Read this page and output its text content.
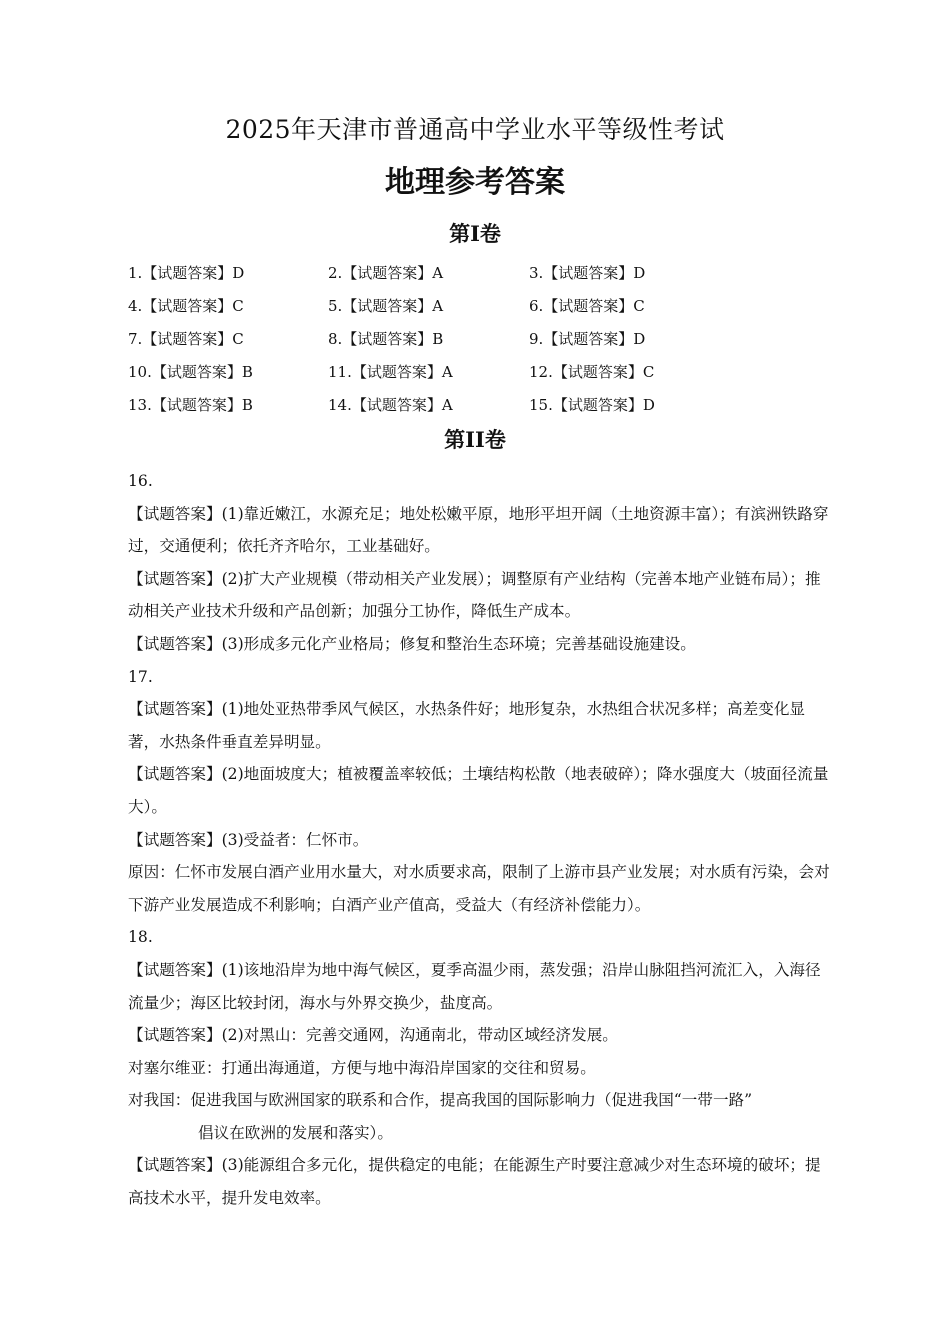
2025年天津市普通高中学业水平等级性考试
地理参考答案
第I卷
1.【试题答案】D	2.【试题答案】A	3.【试题答案】D
4.【试题答案】C	5.【试题答案】A	6.【试题答案】C
7.【试题答案】C	8.【试题答案】B	9.【试题答案】D
10.【试题答案】B	11.【试题答案】A	12.【试题答案】C
13.【试题答案】B	14.【试题答案】A	15.【试题答案】D
第II卷

16.

【试题答案】(1)靠近嫩江，水源充足；地处松嫩平原，地形平坦开阔（土地资源丰富）；有滨洲铁路穿过，交通便利；依托齐齐哈尔，工业基础好。

【试题答案】(2)扩大产业规模（带动相关产业发展）；调整原有产业结构（完善本地产业链布局）；推动相关产业技术升级和产品创新；加强分工协作，降低生产成本。

【试题答案】(3)形成多元化产业格局；修复和整治生态环境；完善基础设施建设。

17.

【试题答案】(1)地处亚热带季风气候区，水热条件好；地形复杂，水热组合状况多样；高差变化显著，水热条件垂直差异明显。

【试题答案】(2)地面坡度大；植被覆盖率较低；土壤结构松散（地表破碎）；降水强度大（坡面径流量大）。

【试题答案】(3)受益者：仁怀市。

原因：仁怀市发展白酒产业用水量大，对水质要求高，限制了上游市县产业发展；对水质有污染，会对下游产业发展造成不利影响；白酒产业产值高，受益大（有经济补偿能力）。

18.

【试题答案】(1)该地沿岸为地中海气候区，夏季高温少雨，蒸发强；沿岸山脉阻挡河流汇入，入海径流量少；海区比较封闭，海水与外界交换少，盐度高。

【试题答案】(2)对黑山：完善交通网，沟通南北，带动区域经济发展。

对塞尔维亚：打通出海通道，方便与地中海沿岸国家的交往和贸易。

对我国：促进我国与欧洲国家的联系和合作，提高我国的国际影响力（促进我国“一带一路”

倡议在欧洲的发展和落实）。

【试题答案】(3)能源组合多元化，提供稳定的电能；在能源生产时要注意减少对生态环境的破坏；提高技术水平，提升发电效率。
